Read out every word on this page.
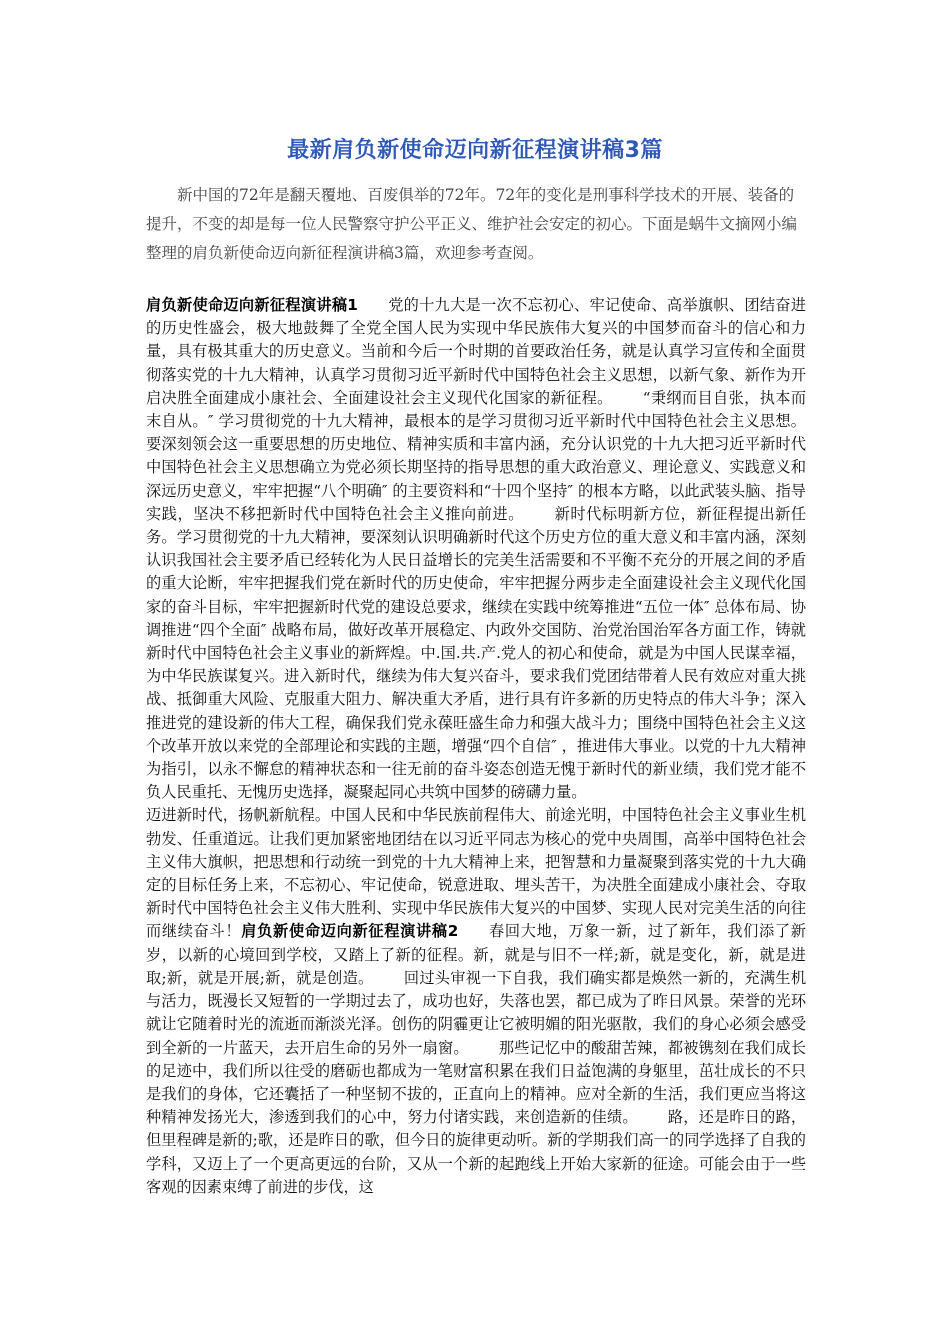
最新肩负新使命迈向新征程演讲稿3篇

新中国的72年是翻天覆地、百废俱举的72年。72年的变化是刑事科学技术的开展、装备的提升，不变的却是每一位人民警察守护公平正义、维护社会安定的初心。下面是蜗牛文摘网小编整理的肩负新使命迈向新征程演讲稿3篇，欢迎参考查阅。

肩负新使命迈向新征程演讲稿1 党的十九大是一次不忘初心、牢记使命、高举旗帜、团结奋进的历史性盛会，极大地鼓舞了全党全国人民为实现中华民族伟大复兴的中国梦而奋斗的信心和力量，具有极其重大的历史意义。当前和今后一个时期的首要政治任务，就是认真学习宣传和全面贯彻落实党的十九大精神，认真学习贯彻习近平新时代中国特色社会主义思想，以新气象、新作为开启决胜全面建成小康社会、全面建设社会主义现代化国家的新征程。 “秉纲而目自张，执本而末自从。″ 学习贯彻党的十九大精神，最根本的是学习贯彻习近平新时代中国特色社会主义思想。要深刻领会这一重要思想的历史地位、精神实质和丰富内涵，充分认识党的十九大把习近平新时代中国特色社会主义思想确立为党必须长期坚持的指导思想的重大政治意义、理论意义、实践意义和深远历史意义，牢牢把握“八个明确″ 的主要资料和“十四个坚持″ 的根本方略，以此武装头脑、指导实践，坚决不移把新时代中国特色社会主义推向前进。 新时代标明新方位，新征程提出新任务。学习贯彻党的十九大精神，要深刻认识明确新时代这个历史方位的重大意义和丰富内涵，深刻认识我国社会主要矛盾已经转化为人民日益增长的完美生活需要和不平衡不充分的开展之间的矛盾的重大论断，牢牢把握我们党在新时代的历史使命，牢牢把握分两步走全面建设社会主义现代化国家的奋斗目标，牢牢把握新时代党的建设总要求，继续在实践中统筹推进“五位一体″ 总体布局、协调推进“四个全面″ 战略布局，做好改革开展稳定、内政外交国防、治党治国治军各方面工作，铸就新时代中国特色社会主义事业的新辉煌。中.国.共.产.党人的初心和使命，就是为中国人民谋幸福，为中华民族谋复兴。进入新时代，继续为伟大复兴奋斗，要求我们党团结带着人民有效应对重大挑战、抵御重大风险、克服重大阻力、解决重大矛盾，进行具有许多新的历史特点的伟大斗争；深入推进党的建设新的伟大工程，确保我们党永葆旺盛生命力和强大战斗力；围绕中国特色社会主义这个改革开放以来党的全部理论和实践的主题，增强“四个自信″ ，推进伟大事业。以党的十九大精神为指引，以永不懈怠的精神状态和一往无前的奋斗姿态创造无愧于新时代的新业绩，我们党才能不负人民重托、无愧历史选择，凝聚起同心共筑中国梦的磅礴力量。

迈进新时代，扬帆新航程。中国人民和中华民族前程伟大、前途光明，中国特色社会主义事业生机勃发、任重道远。让我们更加紧密地团结在以习近平同志为核心的党中央周围，高举中国特色社会主义伟大旗帜，把思想和行动统一到党的十九大精神上来，把智慧和力量凝聚到落实党的十九大确定的目标任务上来，不忘初心、牢记使命，锐意进取、埋头苦干，为决胜全面建成小康社会、夺取新时代中国特色社会主义伟大胜利、实现中华民族伟大复兴的中国梦、实现人民对完美生活的向往而继续奋斗！肩负新使命迈向新征程演讲稿2 春回大地，万象一新，过了新年，我们添了新岁，以新的心境回到学校，又踏上了新的征程。新，就是与旧不一样;新，就是变化，新，就是进取;新，就是开展;新，就是创造。 回过头审视一下自我，我们确实都是焕然一新的，充满生机与活力，既漫长又短暂的一学期过去了，成功也好，失落也罢，都已成为了昨日风景。荣誉的光环就让它随着时光的流逝而渐淡光泽。创伤的阴霾更让它被明媚的阳光驱散，我们的身心必须会感受到全新的一片蓝天，去开启生命的另外一扇窗。 那些记忆中的酸甜苦辣，都被镌刻在我们成长的足迹中，我们所以往受的磨砺也都成为一笔财富积累在我们日益饱满的身躯里，茁壮成长的不只是我们的身体，它还囊括了一种坚韧不拔的，正直向上的精神。应对全新的生活，我们更应当将这种精神发扬光大，渗透到我们的心中，努力付诸实践，来创造新的佳绩。 路，还是昨日的路，但里程碑是新的;歌，还是昨日的歌，但今日的旋律更动听。新的学期我们高一的同学选择了自我的学科，又迈上了一个更高更远的台阶，又从一个新的起跑线上开始大家新的征途。可能会由于一些客观的因素束缚了前进的步伐，这
